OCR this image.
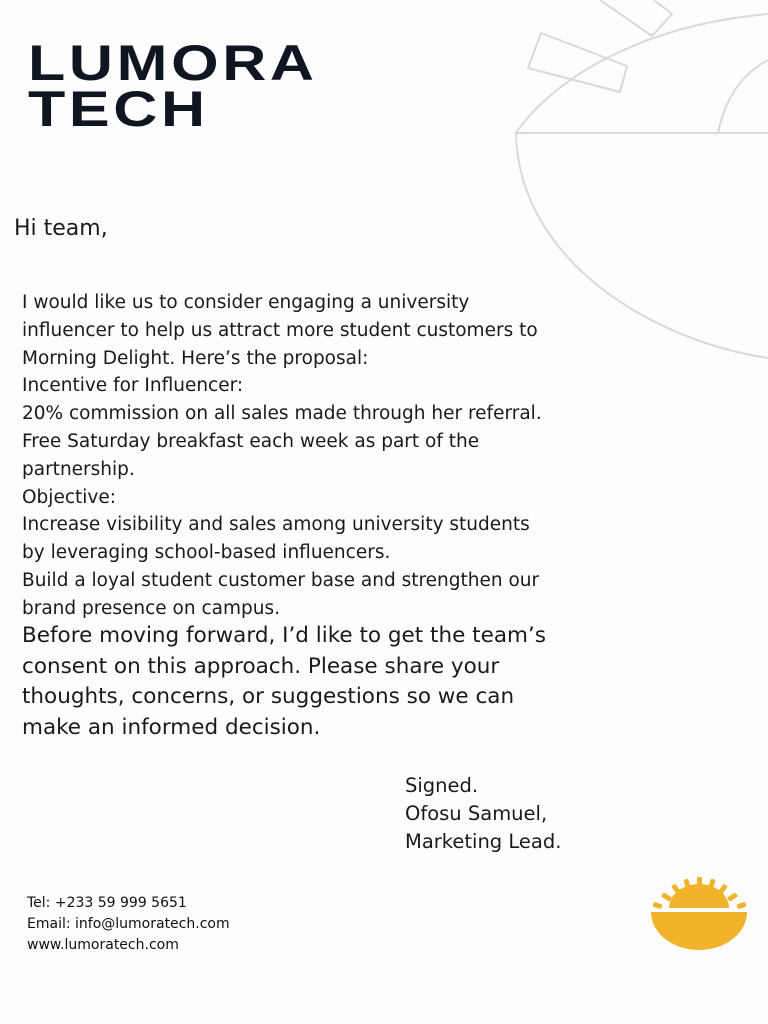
LUMORA
TECH

Hi team,

I would like us to consider engaging a university
influencer to help us attract more student customers to
Morning Delight. Here’s the proposal:
Incentive for Influencer:
20% commission on all sales made through her referral.
Free Saturday breakfast each week as part of the
partnership.
Objective:
Increase visibility and sales among university students
by leveraging school-based influencers.
Build a loyal student customer base and strengthen our
brand presence on campus.
Before moving forward, I’d like to get the team’s
consent on this approach. Please share your
thoughts, concerns, or suggestions so we can
make an informed decision.
Signed.
Ofosu Samuel,
Marketing Lead.
Tel: +233 59 999 5651
Email: info@lumoratech.com
www.lumoratech.com
